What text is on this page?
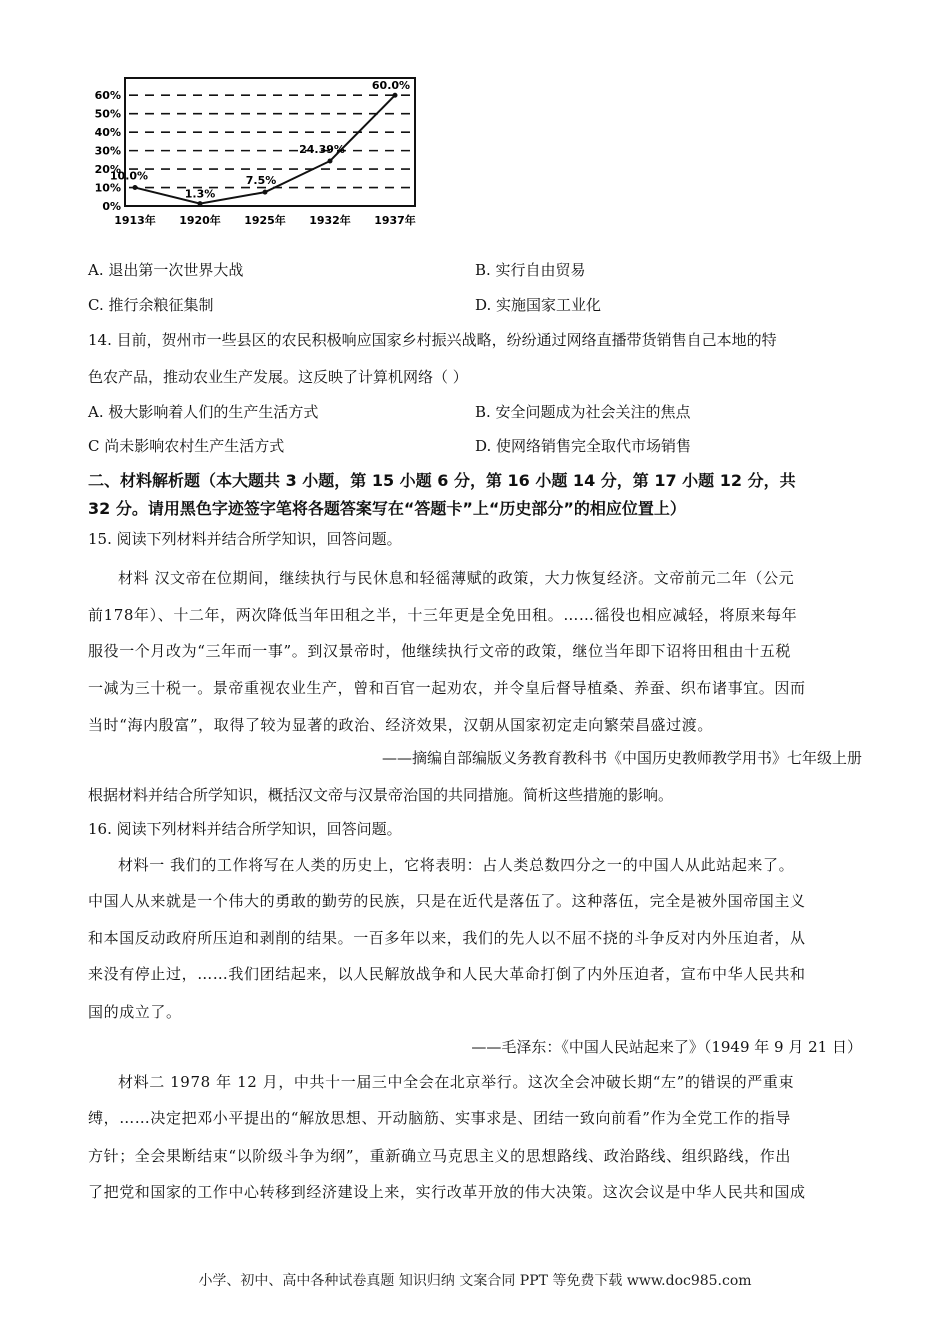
0%
10%
20%
30%
40%
50%
60%
1913年 1920年 1925年 1932年 1937年
10.0%
1.3%
7.5%
24.39%
60.0%
A. 退出第一次世界大战	B. 实行自由贸易
C. 推行余粮征集制	D. 实施国家工业化
14. 目前，贺州市一些县区的农民积极响应国家乡村振兴战略，纷纷通过网络直播带货销售自己本地的特
色农产品，推动农业生产发展。这反映了计算机网络（ ）
A. 极大影响着人们的生产生活方式	B. 安全问题成为社会关注的焦点
C 尚未影响农村生产生活方式	D. 使网络销售完全取代市场销售
二、材料解析题（本大题共 3 小题，第 15 小题 6 分，第 16 小题 14 分，第 17 小题 12 分，共
32 分。请用黑色字迹签字笔将各题答案写在“答题卡”上“历史部分”的相应位置上）
15. 阅读下列材料并结合所学知识，回答问题。
材料 汉文帝在位期间，继续执行与民休息和轻徭薄赋的政策，大力恢复经济。文帝前元二年（公元
前178年）、十二年，两次降低当年田租之半，十三年更是全免田租。……徭役也相应减轻，将原来每年
服役一个月改为“三年而一事”。到汉景帝时，他继续执行文帝的政策，继位当年即下诏将田租由十五税
一减为三十税一。景帝重视农业生产，曾和百官一起劝农，并令皇后督导植桑、养蚕、织布诸事宜。因而
当时“海内殷富”，取得了较为显著的政治、经济效果，汉朝从国家初定走向繁荣昌盛过渡。
——摘编自部编版义务教育教科书《中国历史教师教学用书》七年级上册
根据材料并结合所学知识，概括汉文帝与汉景帝治国的共同措施。简析这些措施的影响。
16. 阅读下列材料并结合所学知识，回答问题。
材料一 我们的工作将写在人类的历史上，它将表明：占人类总数四分之一的中国人从此站起来了。
中国人从来就是一个伟大的勇敢的勤劳的民族，只是在近代是落伍了。这种落伍，完全是被外国帝国主义
和本国反动政府所压迫和剥削的结果。一百多年以来，我们的先人以不屈不挠的斗争反对内外压迫者，从
来没有停止过，……我们团结起来，以人民解放战争和人民大革命打倒了内外压迫者，宣布中华人民共和
国的成立了。
——毛泽东：《中国人民站起来了》（1949 年 9 月 21 日）
材料二 1978 年 12 月，中共十一届三中全会在北京举行。这次全会冲破长期“左”的错误的严重束
缚，……决定把邓小平提出的“解放思想、开动脑筋、实事求是、团结一致向前看”作为全党工作的指导
方针；全会果断结束“以阶级斗争为纲”，重新确立马克思主义的思想路线、政治路线、组织路线，作出
了把党和国家的工作中心转移到经济建设上来，实行改革开放的伟大决策。这次会议是中华人民共和国成
小学、初中、高中各种试卷真题 知识归纳 文案合同 PPT 等免费下载 www.doc985.com
